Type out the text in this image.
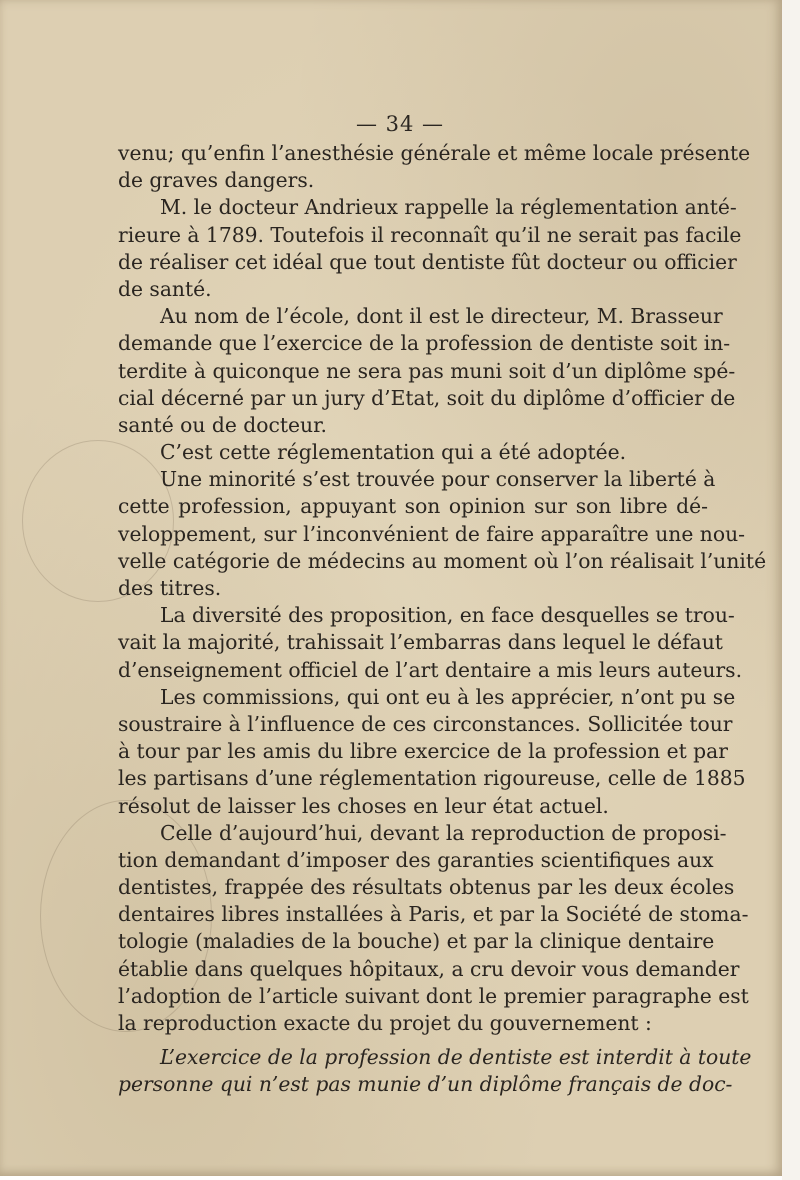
— 34 —
venu; qu’enfin l’anesthésie générale et même locale présente
de graves dangers.
M. le docteur Andrieux rappelle la réglementation anté-
rieure à 1789. Toutefois il reconnaît qu’il ne serait pas facile
de réaliser cet idéal que tout dentiste fût docteur ou officier
de santé.
Au nom de l’école, dont il est le directeur, M. Brasseur
demande que l’exercice de la profession de dentiste soit in-
terdite à quiconque ne sera pas muni soit d’un diplôme spé-
cial décerné par un jury d’Etat, soit du diplôme d’officier de
santé ou de docteur.
C’est cette réglementation qui a été adoptée.
Une minorité s’est trouvée pour conserver la liberté à
cette profession, appuyant son opinion sur son libre dé-
veloppement, sur l’inconvénient de faire apparaître une nou-
velle catégorie de médecins au moment où l’on réalisait l’unité
des titres.
La diversité des proposition, en face desquelles se trou-
vait la majorité, trahissait l’embarras dans lequel le défaut
d’enseignement officiel de l’art dentaire a mis leurs auteurs.
Les commissions, qui ont eu à les apprécier, n’ont pu se
soustraire à l’influence de ces circonstances. Sollicitée tour
à tour par les amis du libre exercice de la profession et par
les partisans d’une réglementation rigoureuse, celle de 1885
résolut de laisser les choses en leur état actuel.
Celle d’aujourd’hui, devant la reproduction de proposi-
tion demandant d’imposer des garanties scientifiques aux
dentistes, frappée des résultats obtenus par les deux écoles
dentaires libres installées à Paris, et par la Société de stoma-
tologie (maladies de la bouche) et par la clinique dentaire
établie dans quelques hôpitaux, a cru devoir vous demander
l’adoption de l’article suivant dont le premier paragraphe est
la reproduction exacte du projet du gouvernement :
L’exercice de la profession de dentiste est interdit à toute
personne qui n’est pas munie d’un diplôme français de doc-
